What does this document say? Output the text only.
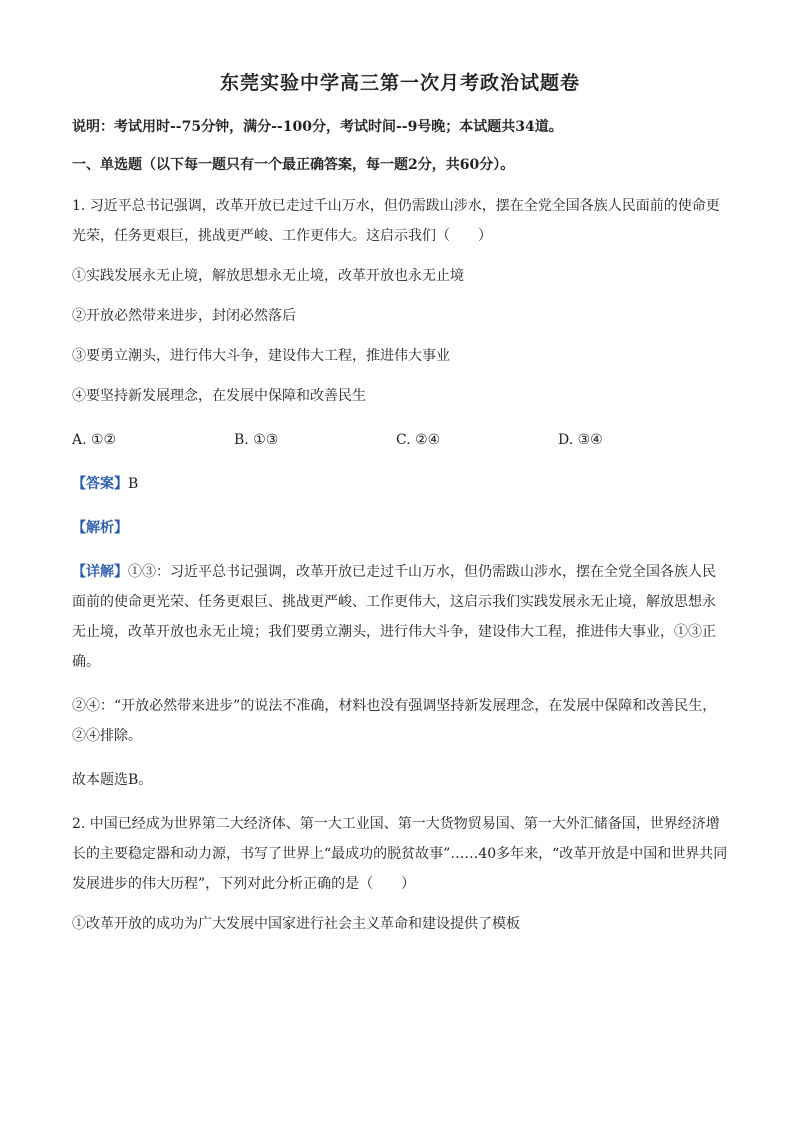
东莞实验中学高三第一次月考政治试题卷
说明：考试用时--75分钟，满分--100分，考试时间--9号晚；本试题共34道。
一、单选题（以下每一题只有一个最正确答案，每一题2分，共60分）。

1. 习近平总书记强调，改革开放已走过千山万水，但仍需跋山涉水，摆在全党全国各族人民面前的使命更光荣，任务更艰巨，挑战更严峻、工作更伟大。这启示我们（　　）

①实践发展永无止境，解放思想永无止境，改革开放也永无止境

②开放必然带来进步，封闭必然落后

③要勇立潮头，进行伟大斗争，建设伟大工程，推进伟大事业

④要坚持新发展理念，在发展中保障和改善民生

A. ①②	B. ①③	C. ②④	D. ③④

【答案】B

【解析】

【详解】①③：习近平总书记强调，改革开放已走过千山万水，但仍需跋山涉水，摆在全党全国各族人民面前的使命更光荣、任务更艰巨、挑战更严峻、工作更伟大，这启示我们实践发展永无止境，解放思想永无止境，改革开放也永无止境；我们要勇立潮头，进行伟大斗争，建设伟大工程，推进伟大事业，①③正确。

②④：“开放必然带来进步”的说法不准确，材料也没有强调坚持新发展理念，在发展中保障和改善民生，②④排除。

故本题选B。

2. 中国已经成为世界第二大经济体、第一大工业国、第一大货物贸易国、第一大外汇储备国，世界经济增长的主要稳定器和动力源，书写了世界上“最成功的脱贫故事”……40多年来，“改革开放是中国和世界共同发展进步的伟大历程”，下列对此分析正确的是（　　）

①改革开放的成功为广大发展中国家进行社会主义革命和建设提供了模板
